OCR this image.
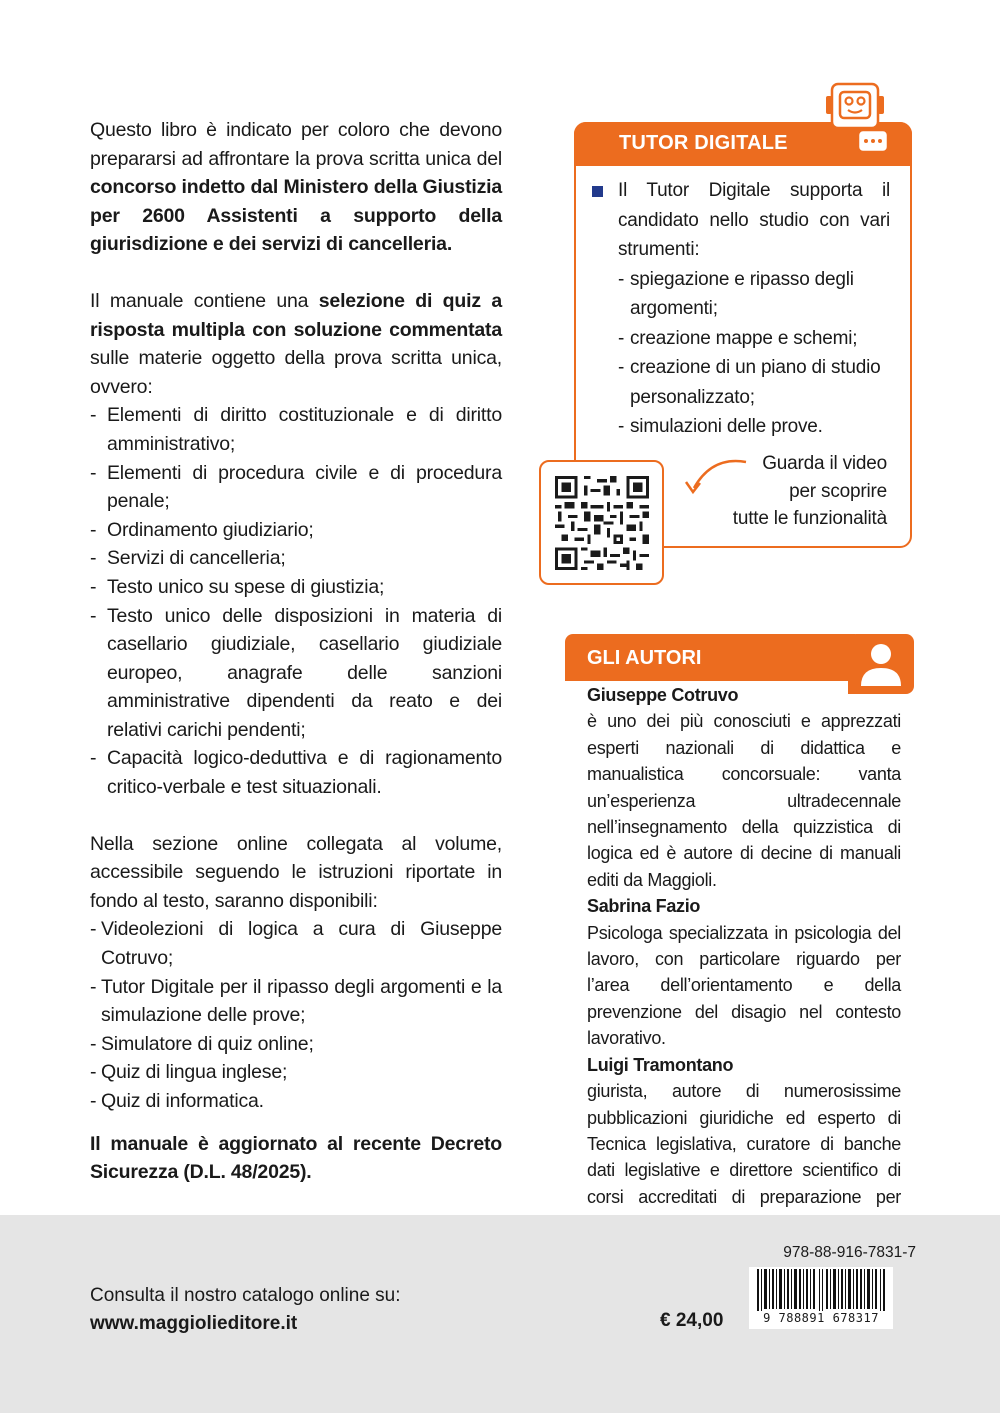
Questo libro è indicato per coloro che devono prepararsi ad affrontare la prova scritta unica del concorso indetto dal Ministero della Giustizia per 2600 Assistenti a supporto della giurisdizione e dei servizi di cancelleria.

Il manuale contiene una selezione di quiz a risposta multipla con soluzione commentata sulle materie oggetto della prova scritta unica, ovvero:

- Elementi di diritto costituzionale e di diritto amministrativo;
- Elementi di procedura civile e di procedura penale;
- Ordinamento giudiziario;
- Servizi di cancelleria;
- Testo unico su spese di giustizia;
- Testo unico delle disposizioni in materia di casellario giudiziale, casellario giudiziale europeo, anagrafe delle sanzioni amministrative dipendenti da reato e dei relativi carichi pendenti;
- Capacità logico-deduttiva e di ragionamento critico-verbale e test situazionali.

Nella sezione online collegata al volume, accessibile seguendo le istruzioni riportate in fondo al testo, saranno disponibili:

- Videolezioni di logica a cura di Giuseppe Cotruvo;
- Tutor Digitale per il ripasso degli argomenti e la simulazione delle prove;
- Simulatore di quiz online;
- Quiz di lingua inglese;
- Quiz di informatica.

Il manuale è aggiornato al recente Decreto Sicurezza (D.L. 48/2025).

TUTOR DIGITALE
Il Tutor Digitale supporta il candidato nello studio con vari strumenti:
- spiegazione e ripasso degli argomenti;
- creazione mappe e schemi;
- creazione di un piano di studio personalizzato;
- simulazioni delle prove.
Guarda il video
per scoprire
tutte le funzionalità
GLI AUTORI
Giuseppe Cotruvo
è uno dei più conosciuti e apprezzati esperti nazionali di didattica e manualistica concorsuale: vanta un’esperienza ultradecennale nell’insegnamento della quizzistica di logica ed è autore di decine di manuali editi da Maggioli.
Sabrina Fazio
Psicologa specializzata in psicologia del lavoro, con particolare riguardo per l’area dell’orientamento e della prevenzione del disagio nel contesto lavorativo.
Luigi Tramontano
giurista, autore di numerosissime pubblicazioni giuridiche ed esperto di Tecnica legislativa, curatore di banche dati legislative e direttore scientifico di corsi accreditati di preparazione per
Consulta il nostro catalogo online su:
www.maggiolieditore.it	€ 24,00
978-88-916-7831-7
9 788891 678317
